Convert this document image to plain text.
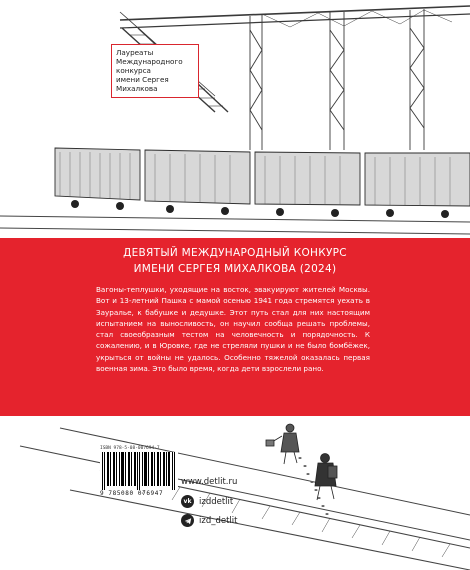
Лауреаты
Международного
конкурса
имени Сергея
Михалкова
ДЕВЯТЫЙ МЕЖДУНАРОДНЫЙ КОНКУРС
ИМЕНИ СЕРГЕЯ МИХАЛКОВА (2024)
Вагоны-теплушки, уходящие на восток, эвакуируют жителей Москвы. Вот и 13-летний Пашка с мамой осенью 1941 года стремятся уехать в Зауралье, к бабушке и дедушке. Этот путь стал для них настоящим испытанием на выносливость, он научил сообща решать проблемы, стал своеобразным тестом на человечность и порядочность. К сожалению, и в Юровке, где не стреляли пушки и не было бомбёжек, укрыться от войны не удалось. Особенно тяжелой оказалась первая военная зима. Это было время, когда дети взрослели рано.
ISBN 978-5-08-007694-7
9 785080 076947
www.detlit.ru
vk izddetlit
izd_detlit
